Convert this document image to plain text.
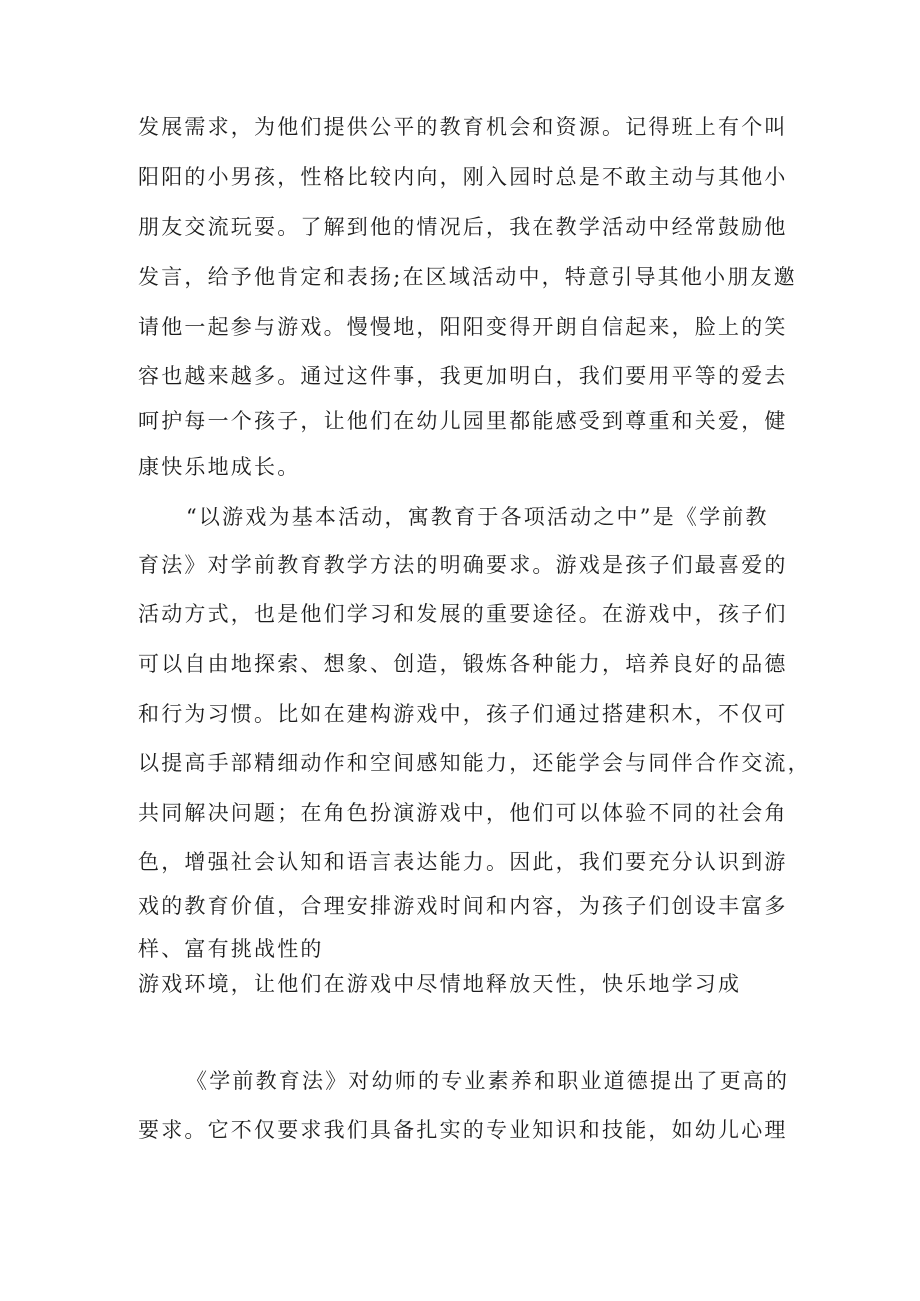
发展需求，为他们提供公平的教育机会和资源。记得班上有个叫
阳阳的小男孩，性格比较内向，刚入园时总是不敢主动与其他小
朋友交流玩耍。了解到他的情况后，我在教学活动中经常鼓励他
发言，给予他肯定和表扬;在区域活动中，特意引导其他小朋友邀
请他一起参与游戏。慢慢地，阳阳变得开朗自信起来，脸上的笑
容也越来越多。通过这件事，我更加明白，我们要用平等的爱去
呵护每一个孩子，让他们在幼儿园里都能感受到尊重和关爱，健
康快乐地成长。
“以游戏为基本活动，寓教育于各项活动之中”是《学前教
育法》对学前教育教学方法的明确要求。游戏是孩子们最喜爱的
活动方式，也是他们学习和发展的重要途径。在游戏中，孩子们
可以自由地探索、想象、创造，锻炼各种能力，培养良好的品德
和行为习惯。比如在建构游戏中，孩子们通过搭建积木，不仅可
以提高手部精细动作和空间感知能力，还能学会与同伴合作交流，
共同解决问题；在角色扮演游戏中，他们可以体验不同的社会角
色，增强社会认知和语言表达能力。因此，我们要充分认识到游
戏的教育价值，合理安排游戏时间和内容，为孩子们创设丰富多
样、富有挑战性的
游戏环境，让他们在游戏中尽情地释放天性，快乐地学习成
《学前教育法》对幼师的专业素养和职业道德提出了更高的
要求。它不仅要求我们具备扎实的专业知识和技能，如幼儿心理
